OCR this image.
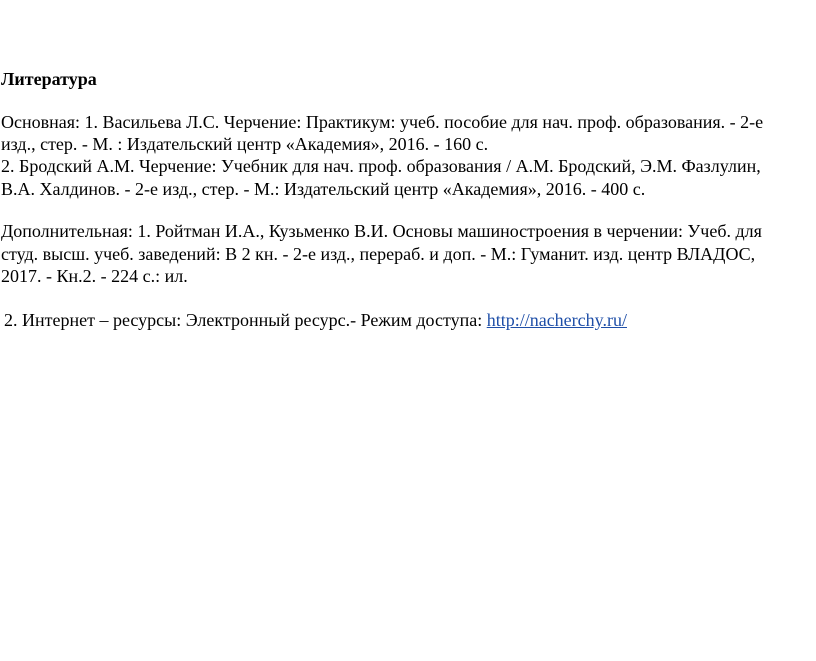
Литература
Основная: 1. Васильева Л.С. Черчение: Практикум: учеб. пособие для нач. проф. образования. - 2-е
изд., стер. - М. : Издательский центр «Академия», 2016. - 160 с.
2. Бродский А.М. Черчение: Учебник для нач. проф. образования / А.М. Бродский, Э.М. Фазлулин,
В.А. Халдинов. - 2-е изд., стер. - М.: Издательский центр «Академия», 2016. - 400 с.
Дополнительная: 1. Ройтман И.А., Кузьменко В.И. Основы машиностроения в черчении: Учеб. для
студ. высш. учеб. заведений: В 2 кн. - 2-е изд., перераб. и доп. - М.: Гуманит. изд. центр ВЛАДОС,
2017. - Кн.2. - 224 с.: ил.
2. Интернет – ресурсы: Электронный ресурс.- Режим доступа: http://nacherchy.ru/
